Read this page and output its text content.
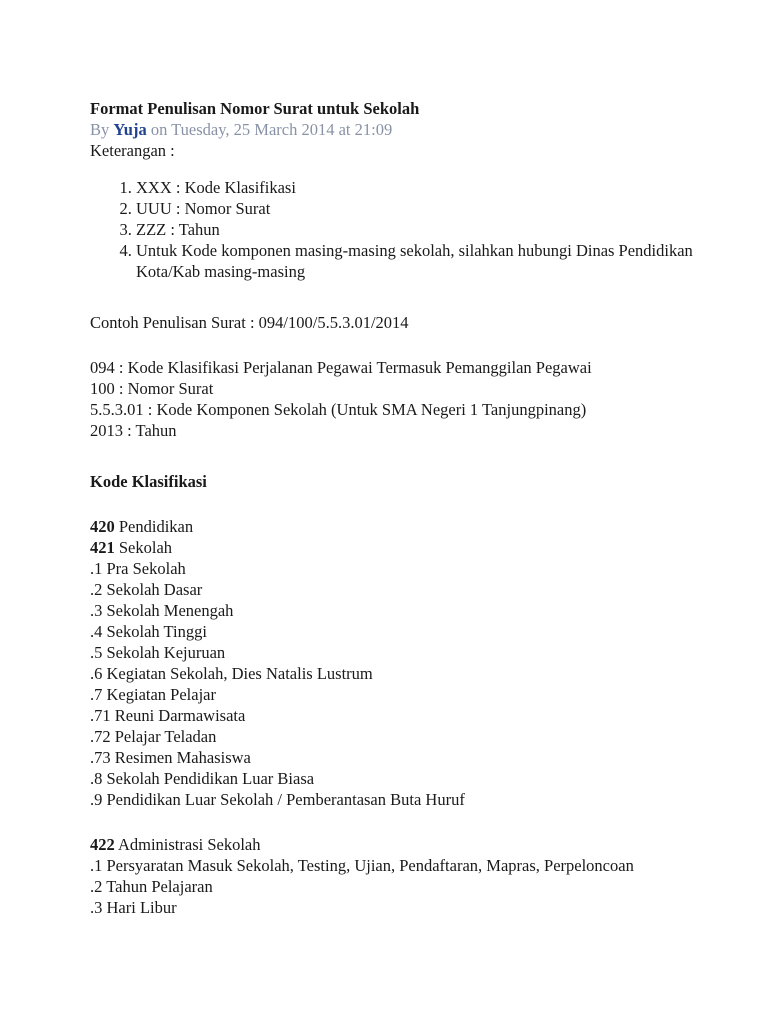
Format Penulisan Nomor Surat untuk Sekolah
By Yuja on Tuesday, 25 March 2014 at 21:09
Keterangan :
1. XXX : Kode Klasifikasi
2. UUU : Nomor Surat
3. ZZZ : Tahun
4. Untuk Kode komponen masing-masing sekolah, silahkan hubungi Dinas Pendidikan Kota/Kab masing-masing
Contoh Penulisan Surat : 094/100/5.5.3.01/2014
094 : Kode Klasifikasi Perjalanan Pegawai Termasuk Pemanggilan Pegawai
100 : Nomor Surat
5.5.3.01 : Kode Komponen Sekolah (Untuk SMA Negeri 1 Tanjungpinang)
2013 : Tahun
Kode Klasifikasi
420 Pendidikan
421 Sekolah
.1 Pra Sekolah
.2 Sekolah Dasar
.3 Sekolah Menengah
.4 Sekolah Tinggi
.5 Sekolah Kejuruan
.6 Kegiatan Sekolah, Dies Natalis Lustrum
.7 Kegiatan Pelajar
.71 Reuni Darmawisata
.72 Pelajar Teladan
.73 Resimen Mahasiswa
.8 Sekolah Pendidikan Luar Biasa
.9 Pendidikan Luar Sekolah / Pemberantasan Buta Huruf
422 Administrasi Sekolah
.1 Persyaratan Masuk Sekolah, Testing, Ujian, Pendaftaran, Mapras, Perpeloncoan
.2 Tahun Pelajaran
.3 Hari Libur
